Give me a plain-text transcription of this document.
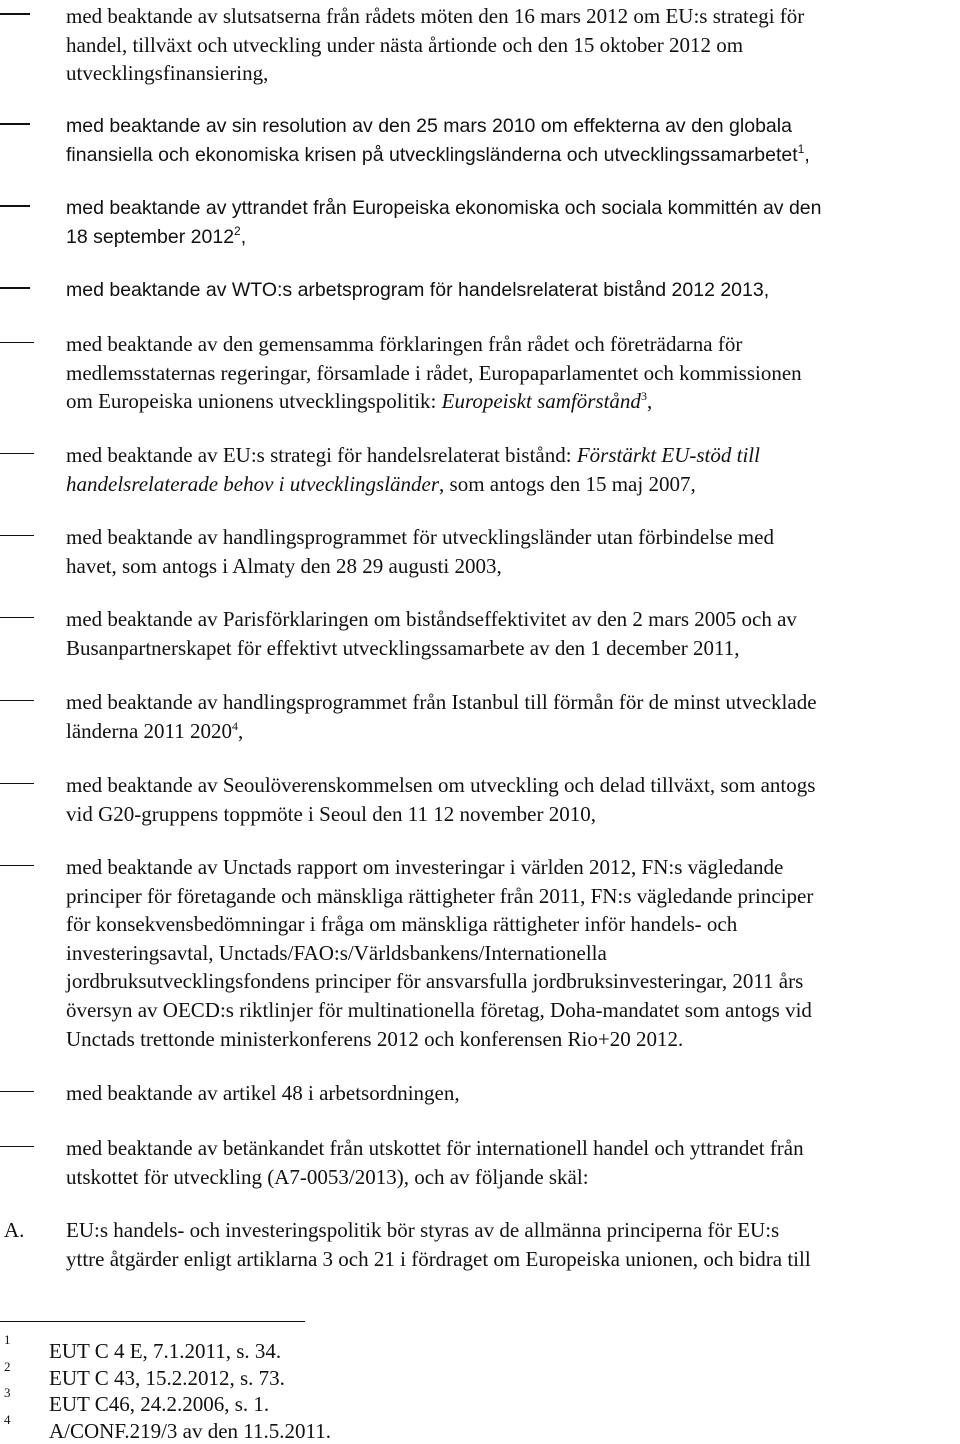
med beaktande av slutsatserna från rådets möten den 16 mars 2012 om EU:s strategi för
handel, tillväxt och utveckling under nästa årtionde och den 15 oktober 2012 om
utvecklingsfinansiering,
med beaktande av sin resolution av den 25 mars 2010 om effekterna av den globala
finansiella och ekonomiska krisen på utvecklingsländerna och utvecklingssamarbetet$^1$,
med beaktande av yttrandet från Europeiska ekonomiska och sociala kommittén av den
18 september 2012$^2$,
med beaktande av WTO:s arbetsprogram för handelsrelaterat bistånd 2012 2013,
med beaktande av den gemensamma förklaringen från rådet och företrädarna för
medlemsstaternas regeringar, församlade i rådet, Europaparlamentet och kommissionen
om Europeiska unionens utvecklingspolitik: Europeiskt samförstånd$^3$,
med beaktande av EU:s strategi för handelsrelaterat bistånd: Förstärkt EU-stöd till
handelsrelaterade behov i utvecklingsländer, som antogs den 15 maj 2007,
med beaktande av handlingsprogrammet för utvecklingsländer utan förbindelse med
havet, som antogs i Almaty den 28 29 augusti 2003,
med beaktande av Parisförklaringen om biståndseffektivitet av den 2 mars 2005 och av
Busanpartnerskapet för effektivt utvecklingssamarbete av den 1 december 2011,
med beaktande av handlingsprogrammet från Istanbul till förmån för de minst utvecklade
länderna 2011 2020$^4$,
med beaktande av Seoulöverenskommelsen om utveckling och delad tillväxt, som antogs
vid G20-gruppens toppmöte i Seoul den 11 12 november 2010,
med beaktande av Unctads rapport om investeringar i världen 2012, FN:s vägledande
principer för företagande och mänskliga rättigheter från 2011, FN:s vägledande principer
för konsekvensbedömningar i fråga om mänskliga rättigheter inför handels- och
investeringsavtal, Unctads/FAO:s/Världsbankens/Internationella
jordbruksutvecklingsfondens principer för ansvarsfulla jordbruksinvesteringar, 2011 års
översyn av OECD:s riktlinjer för multinationella företag, Doha-mandatet som antogs vid
Unctads trettonde ministerkonferens 2012 och konferensen Rio+20 2012.
med beaktande av artikel 48 i arbetsordningen,
med beaktande av betänkandet från utskottet för internationell handel och yttrandet från
utskottet för utveckling (A7-0053/2013), och av följande skäl:
A. EU:s handels- och investeringspolitik bör styras av de allmänna principerna för EU:s
yttre åtgärder enligt artiklarna 3 och 21 i fördraget om Europeiska unionen, och bidra till
1 EUT C 4 E, 7.1.2011, s. 34.
2 EUT C 43, 15.2.2012, s. 73.
3 EUT C46, 24.2.2006, s. 1.
4 A/CONF.219/3 av den 11.5.2011.
